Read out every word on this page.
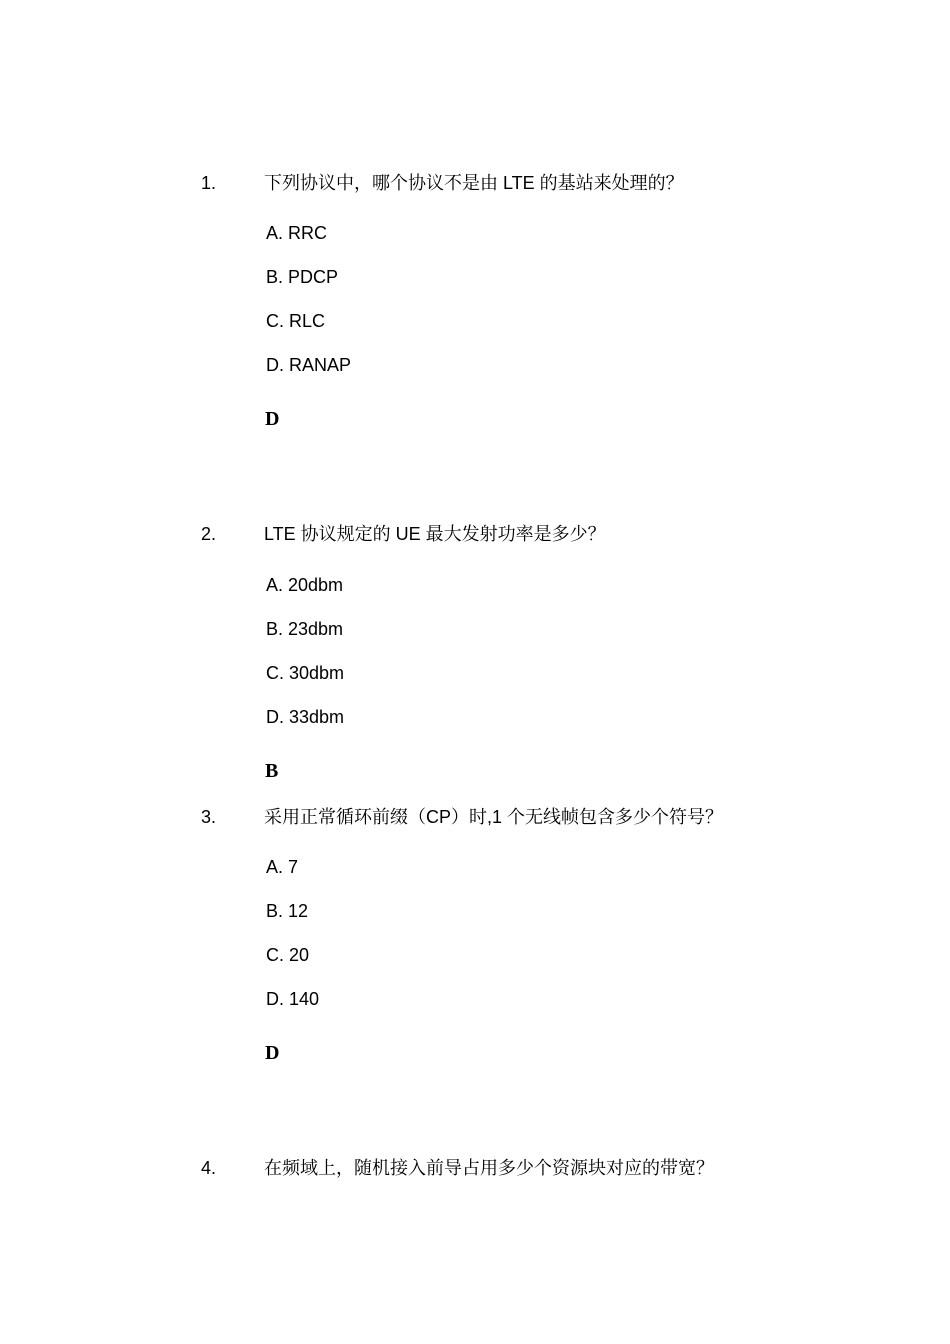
1.	下列协议中，哪个协议不是由 LTE 的基站来处理的？
A. RRC
B. PDCP
C. RLC
D. RANAP
D
2.	LTE 协议规定的 UE 最大发射功率是多少？
A. 20dbm
B. 23dbm
C. 30dbm
D. 33dbm
B
3.	采用正常循环前缀（CP）时,1 个无线帧包含多少个符号？
A. 7
B. 12
C. 20
D. 140
D
4.	在频域上，随机接入前导占用多少个资源块对应的带宽？
